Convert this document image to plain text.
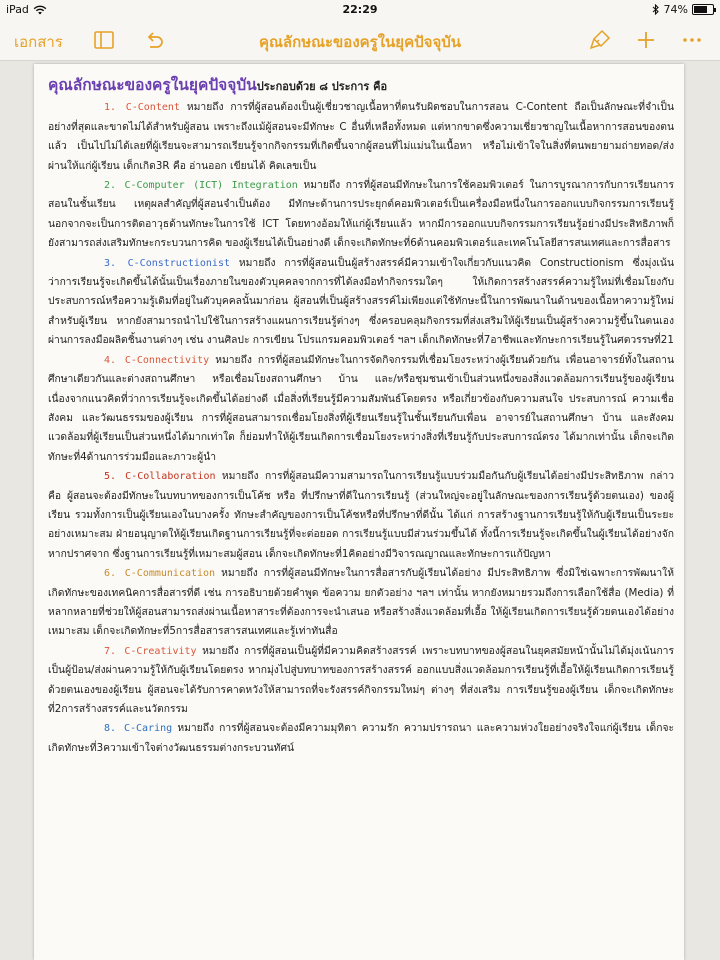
iPad	22:29	74%
เอกสาร	คุณลักษณะของครูในยุคปัจจุบัน
คุณลักษณะของครูในยุคปัจจุบันประกอบด้วย ๘ ประการ คือ

1. C-Content หมายถึง การที่ผู้สอนต้องเป็นผู้เชี่ยวชาญเนื้อหาที่ตนรับผิดชอบในการสอน C-Content ถือเป็นลักษณะที่จำเป็นอย่างที่สุดและขาดไม่ได้สำหรับผู้สอน เพราะถึงแม้ผู้สอนจะมีทักษะ C อื่นที่เหลือทั้งหมด แต่หากขาดซึ่งความเชี่ยวชาญในเนื้อหาการสอนของตนแล้ว เป็นไปไม่ได้เลยที่ผู้เรียนจะสามารถเรียนรู้จากกิจกรรมที่เกิดขึ้นจากผู้สอนที่ไม่แม่นในเนื้อหา หรือไม่เข้าใจในสิ่งที่ตนพยายามถ่ายทอด/ส่งผ่านให้แก่ผู้เรียน เด็กเกิด3R คือ อ่านออก เขียนได้ คิดเลขเป็น

2. C-Computer (ICT) Integration หมายถึง การที่ผู้สอนมีทักษะในการใช้คอมพิวเตอร์ ในการบูรณาการกับการเรียนการสอนในชั้นเรียน เหตุผลสำคัญที่ผู้สอนจำเป็นต้อง มีทักษะด้านการประยุกต์คอมพิวเตอร์เป็นเครื่องมือหนึ่งในการออกแบบกิจกรรมการเรียนรู้ นอกจากจะเป็นการติดอาวุธด้านทักษะในการใช้ ICT โดยทางอ้อมให้แก่ผู้เรียนแล้ว หากมีการออกแบบกิจกรรมการเรียนรู้อย่างมีประสิทธิภาพก็ยังสามารถส่งเสริมทักษะกระบวนการคิด ของผู้เรียนได้เป็นอย่างดี เด็กจะเกิดทักษะที่6ด้านคอมพิวเตอร์และเทคโนโลยีสารสนเทศและการสื่อสาร

3. C-Constructionist หมายถึง การที่ผู้สอนเป็นผู้สร้างสรรค์มีความเข้าใจเกี่ยวกับแนวคิด Constructionism ซึ่งมุ่งเน้นว่าการเรียนรู้จะเกิดขึ้นได้นั้นเป็นเรื่องภายในของตัวบุคคลจากการที่ได้ลงมือทำกิจกรรมใดๆ ให้เกิดการสร้างสรรค์ความรู้ใหม่ที่เชื่อมโยงกับประสบการณ์หรือความรู้เดิมที่อยู่ในตัวบุคคลนั้นมาก่อน ผู้สอนที่เป็นผู้สร้างสรรค์ไม่เพียงแต่ใช้ทักษะนี้ในการพัฒนาในด้านของเนื้อหาความรู้ใหม่สำหรับผู้เรียน หากยังสามารถนำไปใช้ในการสร้างแผนการเรียนรู้ต่างๆ ซึ่งครอบคลุมกิจกรรมที่ส่งเสริมให้ผู้เรียนเป็นผู้สร้างความรู้ขึ้นในตนเอง ผ่านการลงมือผลิตชิ้นงานต่างๆ เช่น งานศิลปะ การเขียน โปรแกรมคอมพิวเตอร์ ฯลฯ เด็กเกิดทักษะที่7อาชีพและทักษะการเรียนรู้ในศตวรรษที่21

4. C-Connectivity หมายถึง การที่ผู้สอนมีทักษะในการจัดกิจกรรมที่เชื่อมโยงระหว่างผู้เรียนด้วยกัน เพื่อนอาจารย์ทั้งในสถานศึกษาเดียวกันและต่างสถานศึกษา หรือเชื่อมโยงสถานศึกษา บ้าน และ/หรือชุมชนเข้าเป็นส่วนหนึ่งของสิ่งแวดล้อมการเรียนรู้ของผู้เรียน เนื่องจากแนวคิดที่ว่าการเรียนรู้จะเกิดขึ้นได้อย่างดี เมื่อสิ่งที่เรียนรู้มีความสัมพันธ์โดยตรง หรือเกี่ยวข้องกับความสนใจ ประสบการณ์ ความเชื่อ สังคม และวัฒนธรรมของผู้เรียน การที่ผู้สอนสามารถเชื่อมโยงสิ่งที่ผู้เรียนเรียนรู้ในชั้นเรียนกับเพื่อน อาจารย์ในสถานศึกษา บ้าน และสังคมแวดล้อมที่ผู้เรียนเป็นส่วนหนึ่งได้มากเท่าใด ก็ย่อมทำให้ผู้เรียนเกิดการเชื่อมโยงระหว่างสิ่งที่เรียนรู้กับประสบการณ์ตรง ได้มากเท่านั้น เด็กจะเกิดทักษะที่4ด้านการร่วมมือและภาวะผู้นำ

5. C-Collaboration หมายถึง การที่ผู้สอนมีความสามารถในการเรียนรู้แบบร่วมมือกันกับผู้เรียนได้อย่างมีประสิทธิภาพ กล่าวคือ ผู้สอนจะต้องมีทักษะในบทบาทของการเป็นโค้ช หรือ ที่ปรึกษาที่ดีในการเรียนรู้ (ส่วนใหญ่จะอยู่ในลักษณะของการเรียนรู้ด้วยตนเอง) ของผู้เรียน รวมทั้งการเป็นผู้เรียนเองในบางครั้ง ทักษะสำคัญของการเป็นโค้ชหรือที่ปรึกษาที่ดีนั้น ได้แก่ การสร้างฐานการเรียนรู้ให้กับผู้เรียนเป็นระยะ อย่างเหมาะสม ฝ่ายอนุญาตให้ผู้เรียนเกิดฐานการเรียนรู้ที่จะต่อยอด การเรียนรู้แบบมีส่วนร่วมขึ้นได้ ทั้งนี้การเรียนรู้จะเกิดขึ้นในผู้เรียนได้อย่างจักหากปราศจาก ซึ่งฐานการเรียนรู้ที่เหมาะสมผู้สอน เด็กจะเกิดทักษะที่1คิดอย่างมีวิจารณญาณและทักษะการแก้ปัญหา

6. C-Communication หมายถึง การที่ผู้สอนมีทักษะในการสื่อสารกับผู้เรียนได้อย่าง มีประสิทธิภาพ ซึ่งมิใช่เฉพาะการพัฒนาให้เกิดทักษะของเทคนิคการสื่อสารที่ดี เช่น การอธิบายด้วยคำพูด ข้อความ ยกตัวอย่าง ฯลฯ เท่านั้น หากยังหมายรวมถึงการเลือกใช้สื่อ (Media) ที่หลากหลายที่ช่วยให้ผู้สอนสามารถส่งผ่านเนื้อหาสาระที่ต้องการจะนำเสนอ หรือสร้างสิ่งแวดล้อมที่เอื้อ ให้ผู้เรียนเกิดการเรียนรู้ด้วยตนเองได้อย่างเหมาะสม เด็กจะเกิดทักษะที่5การสื่อสารสารสนเทศและรู้เท่าทันสื่อ

7. C-Creativity หมายถึง การที่ผู้สอนเป็นผู้ที่มีความคิดสร้างสรรค์ เพราะบทบาทของผู้สอนในยุคสมัยหน้านั้นไม่ได้มุ่งเน้นการเป็นผู้ป้อน/ส่งผ่านความรู้ให้กับผู้เรียนโดยตรง หากมุ่งไปสู่บทบาทของการสร้างสรรค์ ออกแบบสิ่งแวดล้อมการเรียนรู้ที่เอื้อให้ผู้เรียนเกิดการเรียนรู้ด้วยตนเองของผู้เรียน ผู้สอนจะได้รับการคาดหวังให้สามารถที่จะรังสรรค์กิจกรรมใหม่ๆ ต่างๆ ที่ส่งเสริม การเรียนรู้ของผู้เรียน เด็กจะเกิดทักษะที่2การสร้างสรรค์และนวัตกรรม

8. C-Caring หมายถึง การที่ผู้สอนจะต้องมีความมุทิตา ความรัก ความปรารถนา และความห่วงใยอย่างจริงใจแก่ผู้เรียน เด็กจะเกิดทักษะที่3ความเข้าใจต่างวัฒนธรรมต่างกระบวนทัศน์
